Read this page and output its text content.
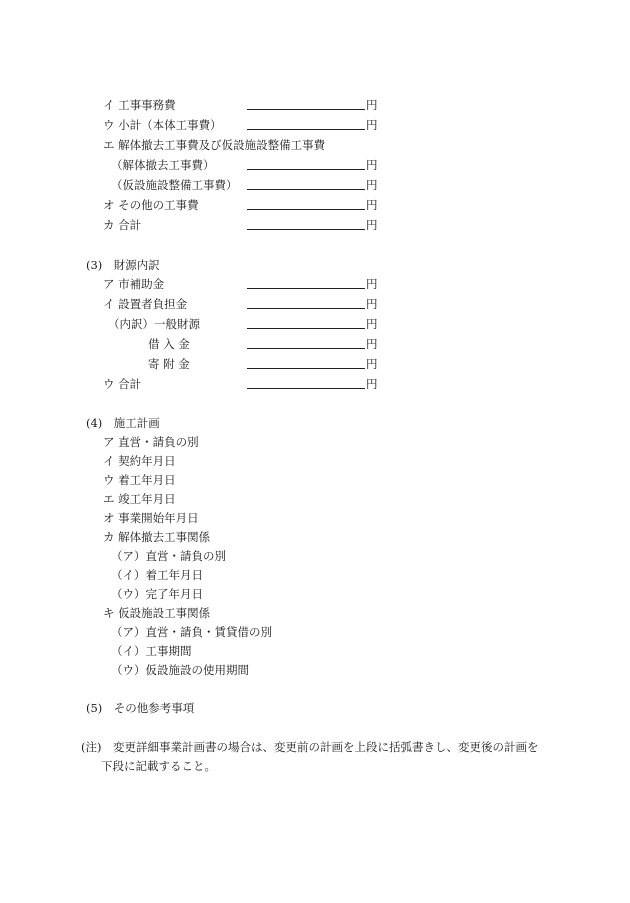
イ 工事事務費	円
ウ 小計（本体工事費）	円
エ 解体撤去工事費及び仮設施設整備工事費
（解体撤去工事費）	円
（仮設施設整備工事費）	円
オ その他の工事費	円
カ 合計	円
(3)　財源内訳
ア 市補助金	円
イ 設置者負担金	円
（内訳）一般財源	円
借 入 金	円
寄 附 金	円
ウ 合計	円
(4)　施工計画
ア 直営・請負の別
イ 契約年月日
ウ 着工年月日
エ 竣工年月日
オ 事業開始年月日
カ 解体撤去工事関係
（ア）直営・請負の別
（イ）着工年月日
（ウ）完了年月日
キ 仮設施設工事関係
（ア）直営・請負・賃貸借の別
（イ）工事期間
（ウ）仮設施設の使用期間
(5)　その他参考事項
(注) 変更詳細事業計画書の場合は、変更前の計画を上段に括弧書きし、変更後の計画を
下段に記載すること。
